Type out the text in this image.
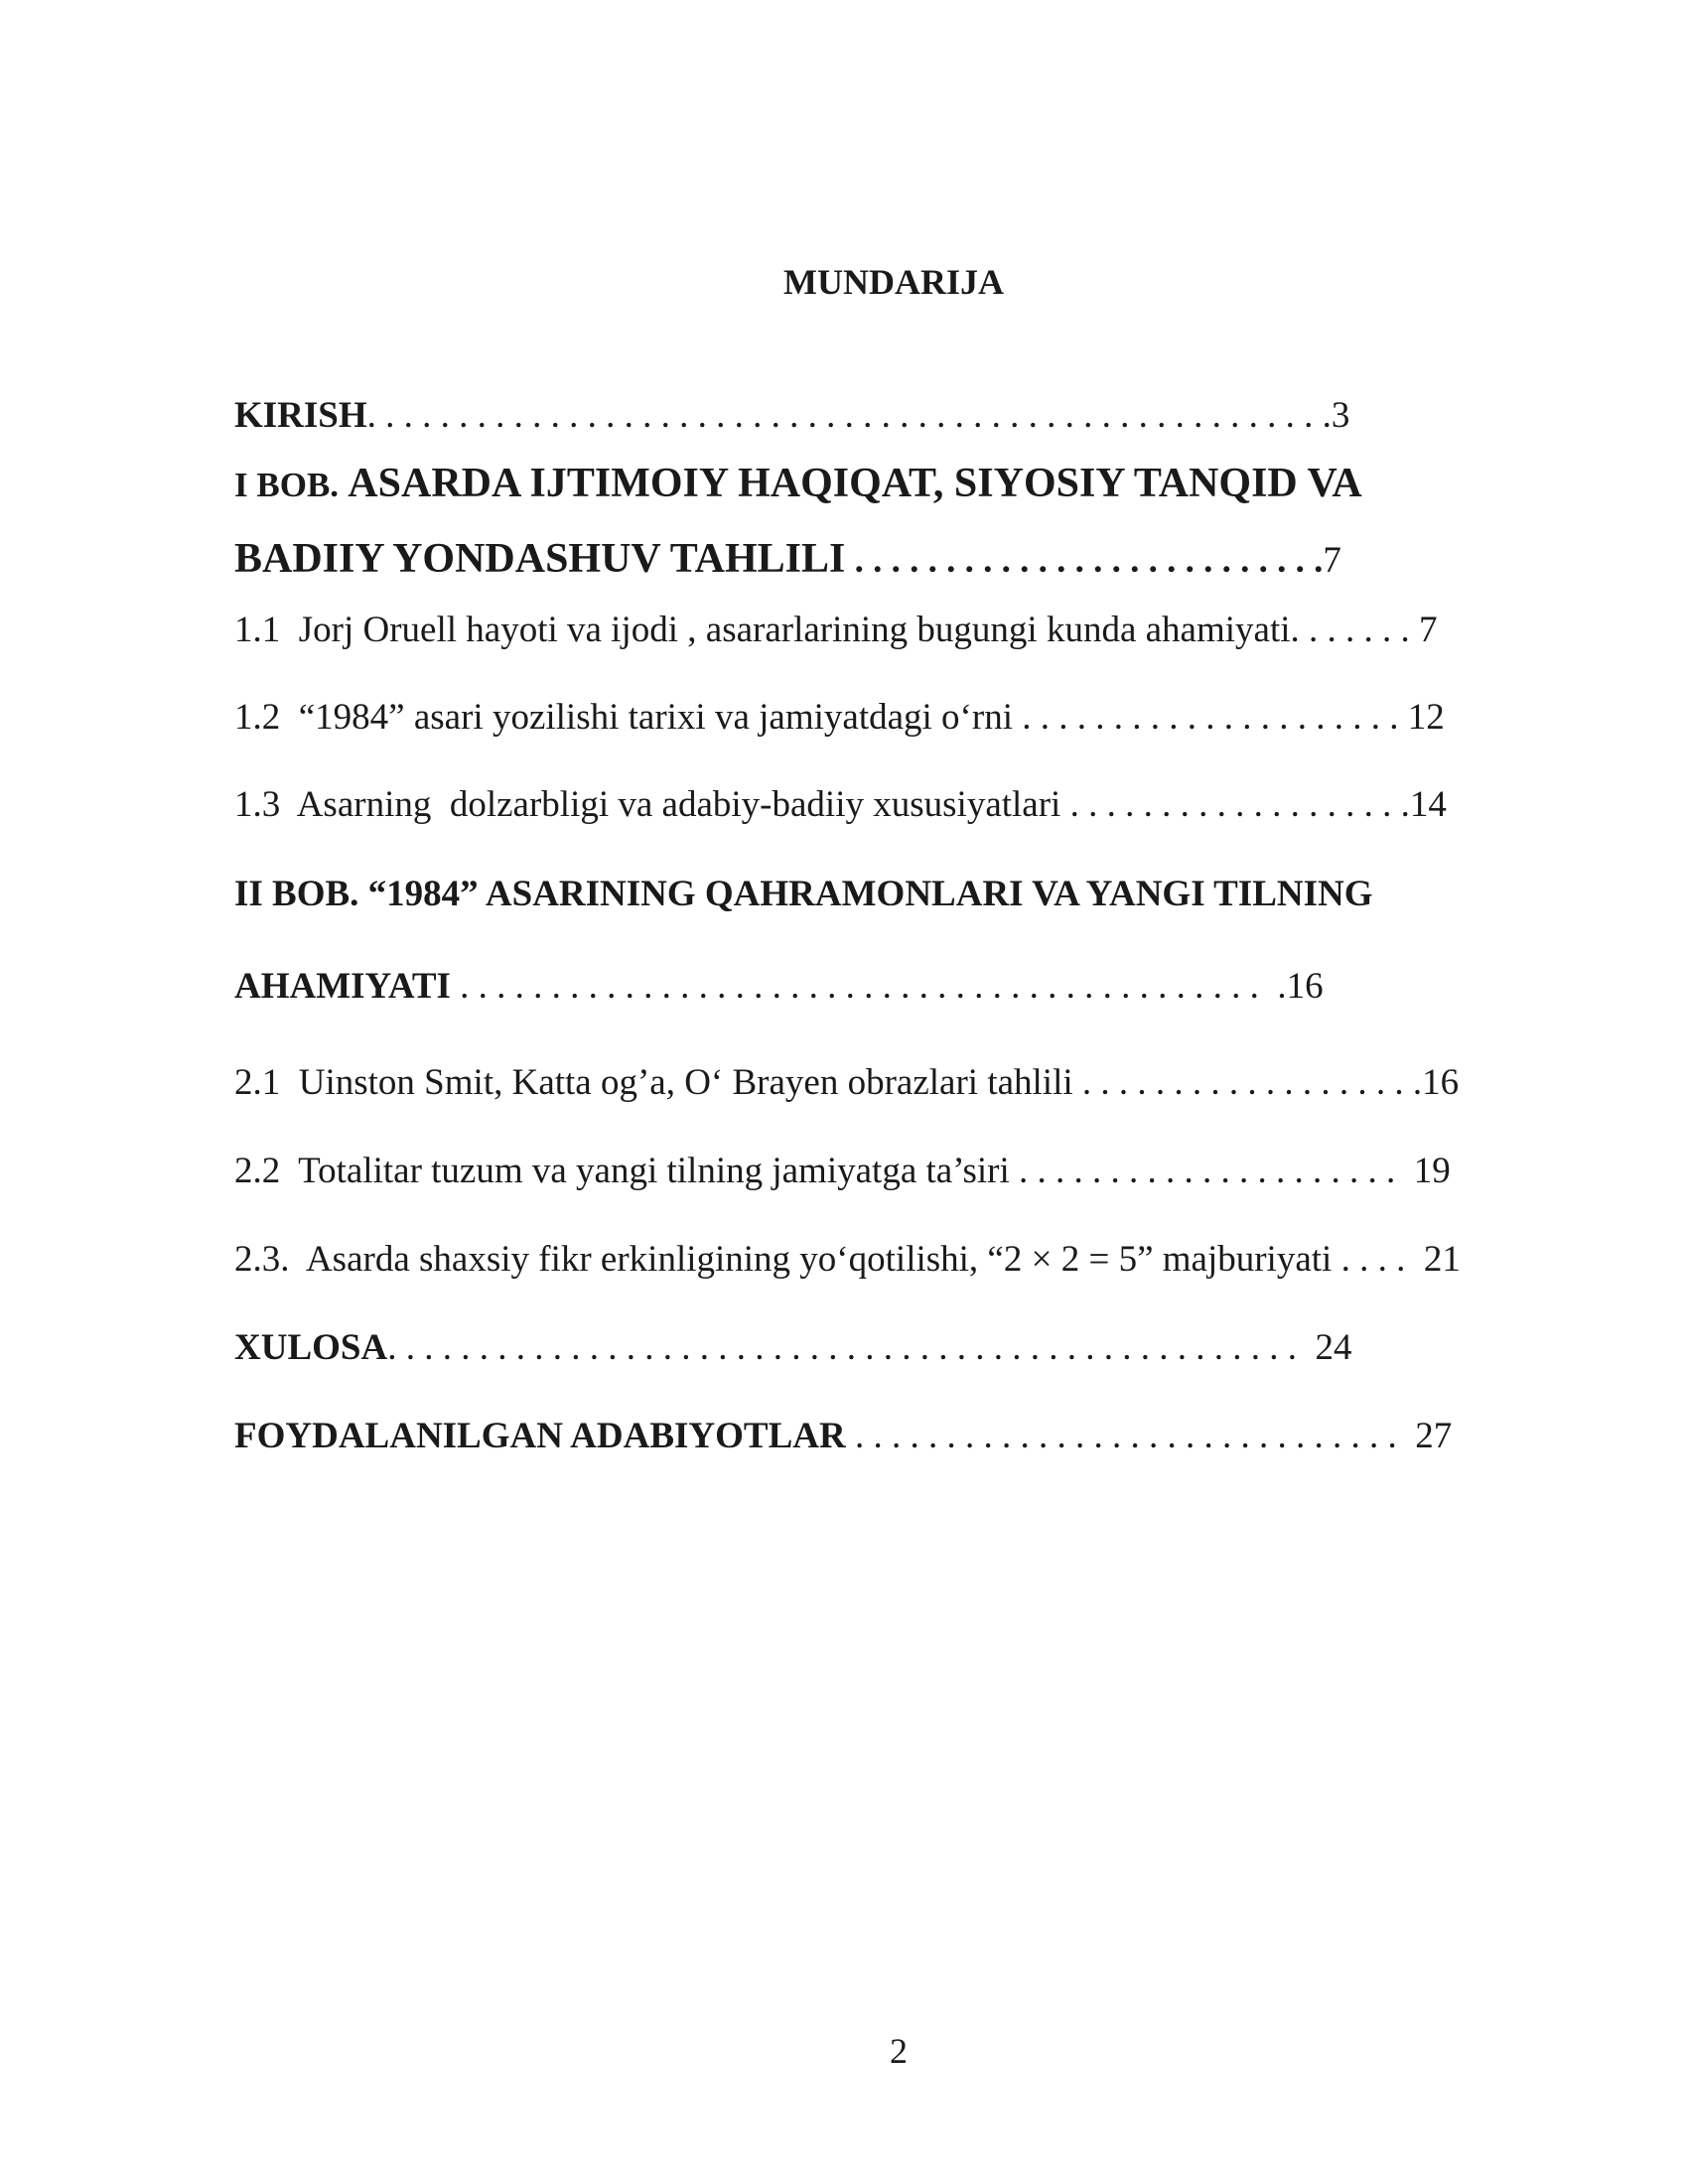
MUNDARIJA
KIRISH. . . . . . . . . . . . . . . . . . . . . . . . . . . . . . . . . . . . . . . . . . . . . . . . . . . . .3
I BOB. ASARDA IJTIMOIY HAQIQAT, SIYOSIY TANQID VA
BADIIY YONDASHUV TAHLILI . . . . . . . . . . . . . . . . . . . . . . . . . .7
1.1  Jorj Oruell hayoti va ijodi , asararlarining bugungi kunda ahamiyati. . . . . . . 7
1.2  “1984” asari yozilishi tarixi va jamiyatdagi o‘rni . . . . . . . . . . . . . . . . . . . . . 12
1.3  Asarning  dolzarbligi va adabiy-badiiy xususiyatlari . . . . . . . . . . . . . . . . . . .14
II BOB. “1984” ASARINING QAHRAMONLARI VA YANGI TILNING
AHAMIYATI . . . . . . . . . . . . . . . . . . . . . . . . . . . . . . . . . . . . . . . . . . . .  .16
2.1  Uinston Smit, Katta og’a, O‘ Brayen obrazlari tahlili . . . . . . . . . . . . . . . . . . .16
2.2  Totalitar tuzum va yangi tilning jamiyatga ta’siri . . . . . . . . . . . . . . . . . . . . . 19
2.3.  Asarda shaxsiy fikr erkinligining yo‘qotilishi, “2 × 2 = 5” majburiyati . . . . 21
XULOSA. . . . . . . . . . . . . . . . . . . . . . . . . . . . . . . . . . . . . . . . . . . . . . . . . . 24
FOYDALANILGAN ADABIYOTLAR . . . . . . . . . . . . . . . . . . . . . . . . . . . . . . 27
2
